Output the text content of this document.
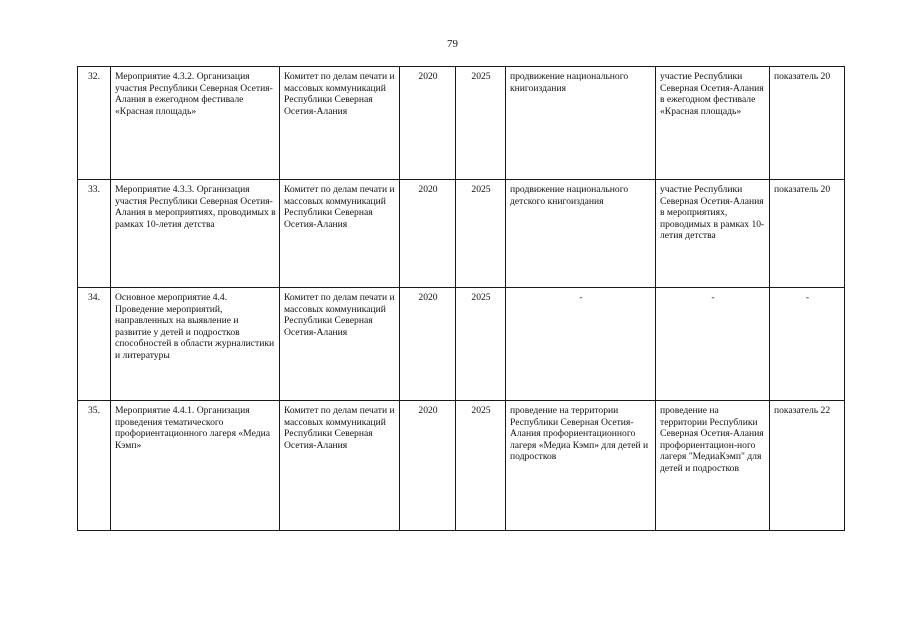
79
32.	Мероприятие 4.3.2. Организация участия Республики Северная Осетия-Алания в ежегодном фестивале «Красная площадь»	Комитет по делам печати и массовых коммуникаций Республики Северная Осетия-Алания	2020	2025	продвижение национального книгоиздания	участие Республики Северная Осетия-Алания в ежегодном фестивале «Красная площадь»	показатель 20
33.	Мероприятие 4.3.3. Организация участия Республики Северная Осетия-Алания в мероприятиях, проводимых в рамках 10-летия детства	Комитет по делам печати и массовых коммуникаций Республики Северная Осетия-Алания	2020	2025	продвижение национального детского книгоиздания	участие Республики Северная Осетия-Алания в мероприятиях, проводимых в рамках 10-летия детства	показатель 20
34.	Основное мероприятие 4.4. Проведение мероприятий, направленных на выявление и развитие у детей и подростков способностей в области журналистики и литературы	Комитет по делам печати и массовых коммуникаций Республики Северная Осетия-Алания	2020	2025	-	-	-
35.	Мероприятие 4.4.1. Организация проведения тематического профориентационного лагеря «Медиа Кэмп»	Комитет по делам печати и массовых коммуникаций Республики Северная Осетия-Алания	2020	2025	проведение на территории Республики Северная Осетия-Алания профориентационного лагеря «Медиа Кэмп» для детей и подростков	проведение на территории Республики Северная Осетия-Алания профориентацион-ного лагеря "МедиаКэмп" для детей и подростков	показатель 22
